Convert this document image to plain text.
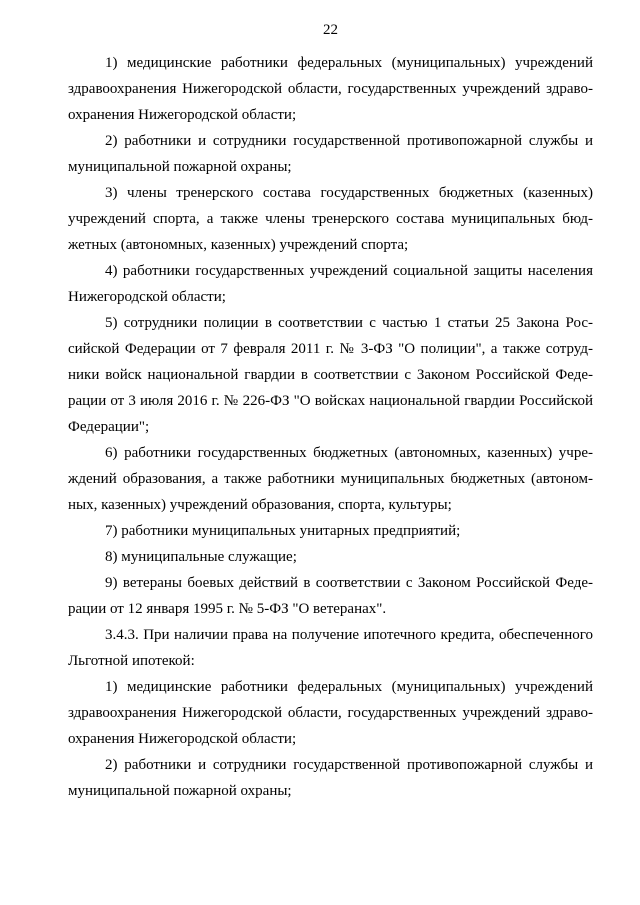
22
1) медицинские работники федеральных (муниципальных) учреждений
здравоохранения Нижегородской области, государственных учреждений здраво-
охранения Нижегородской области;
2) работники и сотрудники государственной противопожарной службы и
муниципальной пожарной охраны;
3) члены тренерского состава государственных бюджетных (казенных)
учреждений спорта, а также члены тренерского состава муниципальных бюд-
жетных (автономных, казенных) учреждений спорта;
4) работники государственных учреждений социальной защиты населения
Нижегородской области;
5) сотрудники полиции в соответствии с частью 1 статьи 25 Закона Рос-
сийской Федерации от 7 февраля 2011 г. № 3-ФЗ "О полиции", а также сотруд-
ники войск национальной гвардии в соответствии с Законом Российской Феде-
рации от 3 июля 2016 г. № 226-ФЗ "О войсках национальной гвардии Российской
Федерации";
6) работники государственных бюджетных (автономных, казенных) учре-
ждений образования, а также работники муниципальных бюджетных (автоном-
ных, казенных) учреждений образования, спорта, культуры;
7) работники муниципальных унитарных предприятий;
8) муниципальные служащие;
9) ветераны боевых действий в соответствии с Законом Российской Феде-
рации от 12 января 1995 г. № 5-ФЗ "О ветеранах".
3.4.3. При наличии права на получение ипотечного кредита, обеспеченного
Льготной ипотекой:
1) медицинские работники федеральных (муниципальных) учреждений
здравоохранения Нижегородской области, государственных учреждений здраво-
охранения Нижегородской области;
2) работники и сотрудники государственной противопожарной службы и
муниципальной пожарной охраны;
